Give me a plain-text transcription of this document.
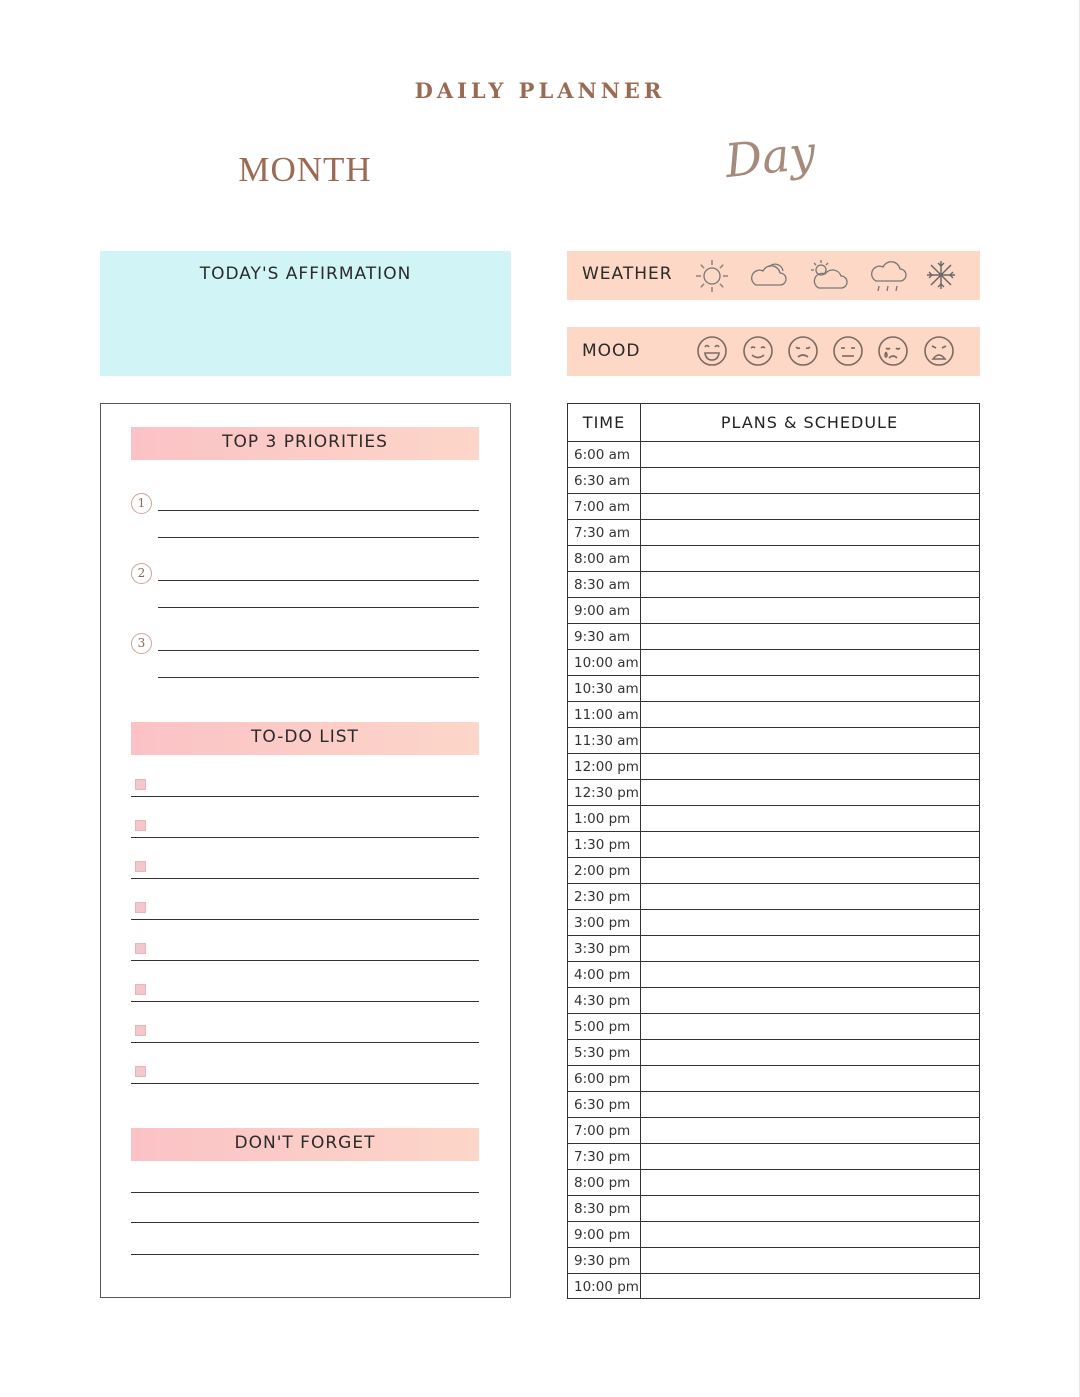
DAILY PLANNER
MONTH	Day
TODAY'S AFFIRMATION	WEATHER
MOOD
TOP 3 PRIORITIES
1
2
3
TO-DO LIST
DON'T FORGET
TIME	PLANS & SCHEDULE
6:00 am
6:30 am
7:00 am
7:30 am
8:00 am
8:30 am
9:00 am
9:30 am
10:00 am
10:30 am
11:00 am
11:30 am
12:00 pm
12:30 pm
1:00 pm
1:30 pm
2:00 pm
2:30 pm
3:00 pm
3:30 pm
4:00 pm
4:30 pm
5:00 pm
5:30 pm
6:00 pm
6:30 pm
7:00 pm
7:30 pm
8:00 pm
8:30 pm
9:00 pm
9:30 pm
10:00 pm
